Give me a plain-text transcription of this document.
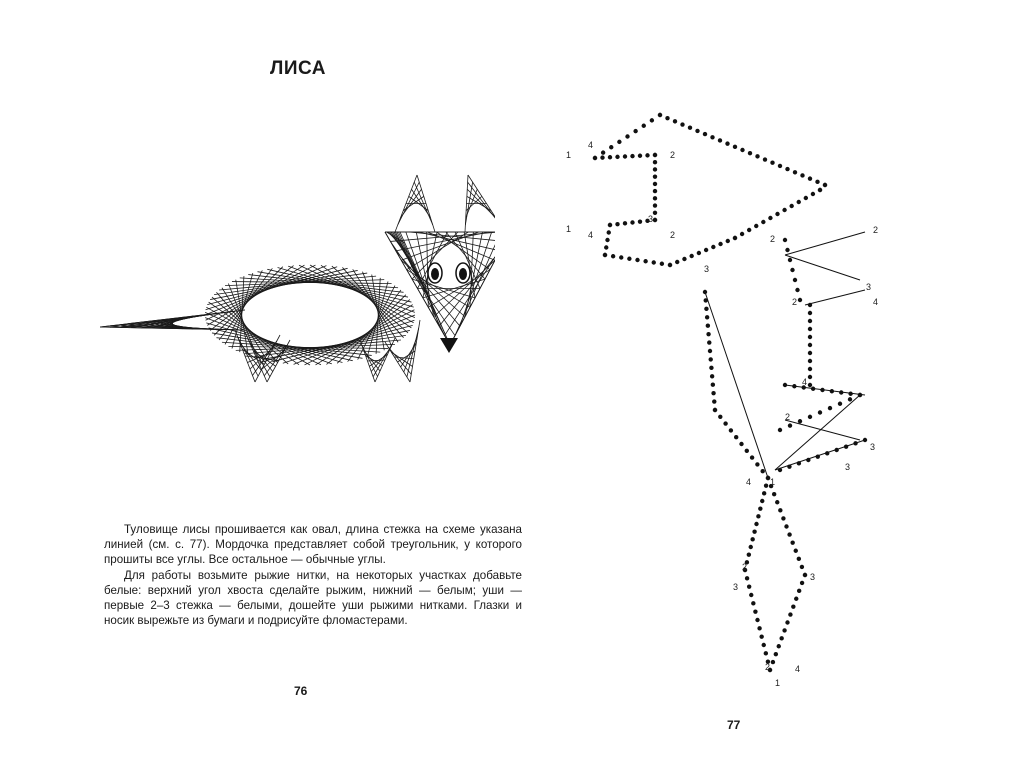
ЛИСА

Туловище лисы прошивается как овал, длина стежка на схеме указана линией (см. с. 77). Мордочка представляет собой треугольник, у которого прошиты все углы. Все остальное — обычные углы.

Для работы возьмите рыжие нитки, на некоторых участках добавьте белые: верхний угол хвоста сделайте рыжим, нижний — белым; уши — первые 2–3 стежка — белыми, дошейте уши рыжими нитками. Глазки и носик вырежьте из бумаги и подрисуйте фломастерами.

76
1
4
2
1
4
3
2
3
2
2
3
4
2
4
2
3
3
1
4
3
2
3
2	4
1
77
